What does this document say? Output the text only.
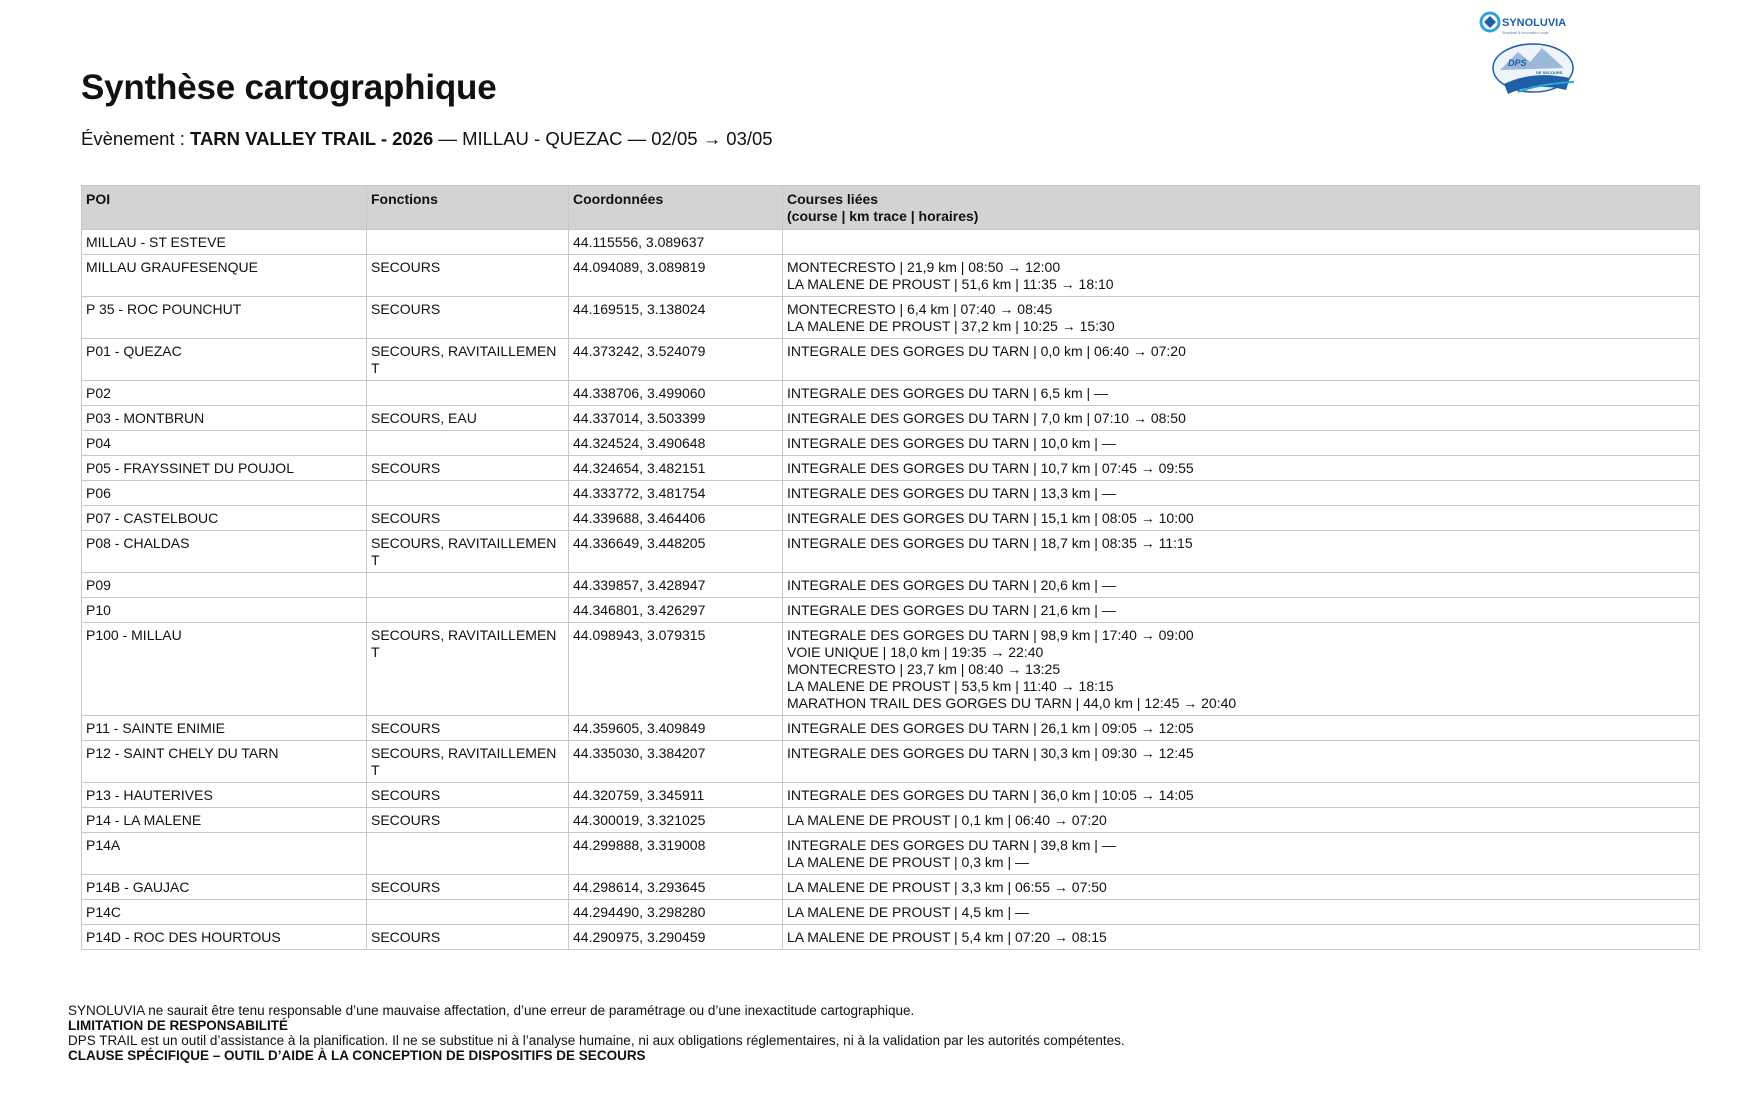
SYNOLUVIA
Simplicité & Innovation Locale
DPS
DE SECOURS
Synthèse cartographique
Évènement : TARN VALLEY TRAIL - 2026 — MILLAU - QUEZAC — 02/05 → 03/05
POI	Fonctions	Coordonnées	Courses liées
(course | km trace | horaires)

MILLAU - ST ESTEVE		44.115556, 3.089637	
MILLAU GRAUFESENQUE	SECOURS	44.094089, 3.089819	MONTECRESTO | 21,9 km | 08:50 → 12:00
LA MALENE DE PROUST | 51,6 km | 11:35 → 18:10

P 35 - ROC POUNCHUT	SECOURS	44.169515, 3.138024	MONTECRESTO | 6,4 km | 07:40 → 08:45
LA MALENE DE PROUST | 37,2 km | 10:25 → 15:30

P01 - QUEZAC	SECOURS, RAVITAILLEMENT	44.373242, 3.524079	INTEGRALE DES GORGES DU TARN | 0,0 km | 06:40 → 07:20

P02		44.338706, 3.499060	INTEGRALE DES GORGES DU TARN | 6,5 km | —

P03 - MONTBRUN	SECOURS, EAU	44.337014, 3.503399	INTEGRALE DES GORGES DU TARN | 7,0 km | 07:10 → 08:50

P04		44.324524, 3.490648	INTEGRALE DES GORGES DU TARN | 10,0 km | —

P05 - FRAYSSINET DU POUJOL	SECOURS	44.324654, 3.482151	INTEGRALE DES GORGES DU TARN | 10,7 km | 07:45 → 09:55

P06		44.333772, 3.481754	INTEGRALE DES GORGES DU TARN | 13,3 km | —

P07 - CASTELBOUC	SECOURS	44.339688, 3.464406	INTEGRALE DES GORGES DU TARN | 15,1 km | 08:05 → 10:00

P08 - CHALDAS	SECOURS, RAVITAILLEMENT	44.336649, 3.448205	INTEGRALE DES GORGES DU TARN | 18,7 km | 08:35 → 11:15

P09		44.339857, 3.428947	INTEGRALE DES GORGES DU TARN | 20,6 km | —

P10		44.346801, 3.426297	INTEGRALE DES GORGES DU TARN | 21,6 km | —

P100 - MILLAU	SECOURS, RAVITAILLEMENT	44.098943, 3.079315	INTEGRALE DES GORGES DU TARN | 98,9 km | 17:40 → 09:00
VOIE UNIQUE | 18,0 km | 19:35 → 22:40
MONTECRESTO | 23,7 km | 08:40 → 13:25
LA MALENE DE PROUST | 53,5 km | 11:40 → 18:15
MARATHON TRAIL DES GORGES DU TARN | 44,0 km | 12:45 → 20:40

P11 - SAINTE ENIMIE	SECOURS	44.359605, 3.409849	INTEGRALE DES GORGES DU TARN | 26,1 km | 09:05 → 12:05

P12 - SAINT CHELY DU TARN	SECOURS, RAVITAILLEMENT	44.335030, 3.384207	INTEGRALE DES GORGES DU TARN | 30,3 km | 09:30 → 12:45

P13 - HAUTERIVES	SECOURS	44.320759, 3.345911	INTEGRALE DES GORGES DU TARN | 36,0 km | 10:05 → 14:05

P14 - LA MALENE	SECOURS	44.300019, 3.321025	LA MALENE DE PROUST | 0,1 km | 06:40 → 07:20

P14A		44.299888, 3.319008	INTEGRALE DES GORGES DU TARN | 39,8 km | —
LA MALENE DE PROUST | 0,3 km | —

P14B - GAUJAC	SECOURS	44.298614, 3.293645	LA MALENE DE PROUST | 3,3 km | 06:55 → 07:50

P14C		44.294490, 3.298280	LA MALENE DE PROUST | 4,5 km | —

P14D - ROC DES HOURTOUS	SECOURS	44.290975, 3.290459	LA MALENE DE PROUST | 5,4 km | 07:20 → 08:15
SYNOLUVIA ne saurait être tenu responsable d’une mauvaise affectation, d’une erreur de paramétrage ou d’une inexactitude cartographique.
LIMITATION DE RESPONSABILITÉ
DPS TRAIL est un outil d’assistance à la planification. Il ne se substitue ni à l’analyse humaine, ni aux obligations réglementaires, ni à la validation par les autorités compétentes.
CLAUSE SPÉCIFIQUE – OUTIL D’AIDE À LA CONCEPTION DE DISPOSITIFS DE SECOURS
